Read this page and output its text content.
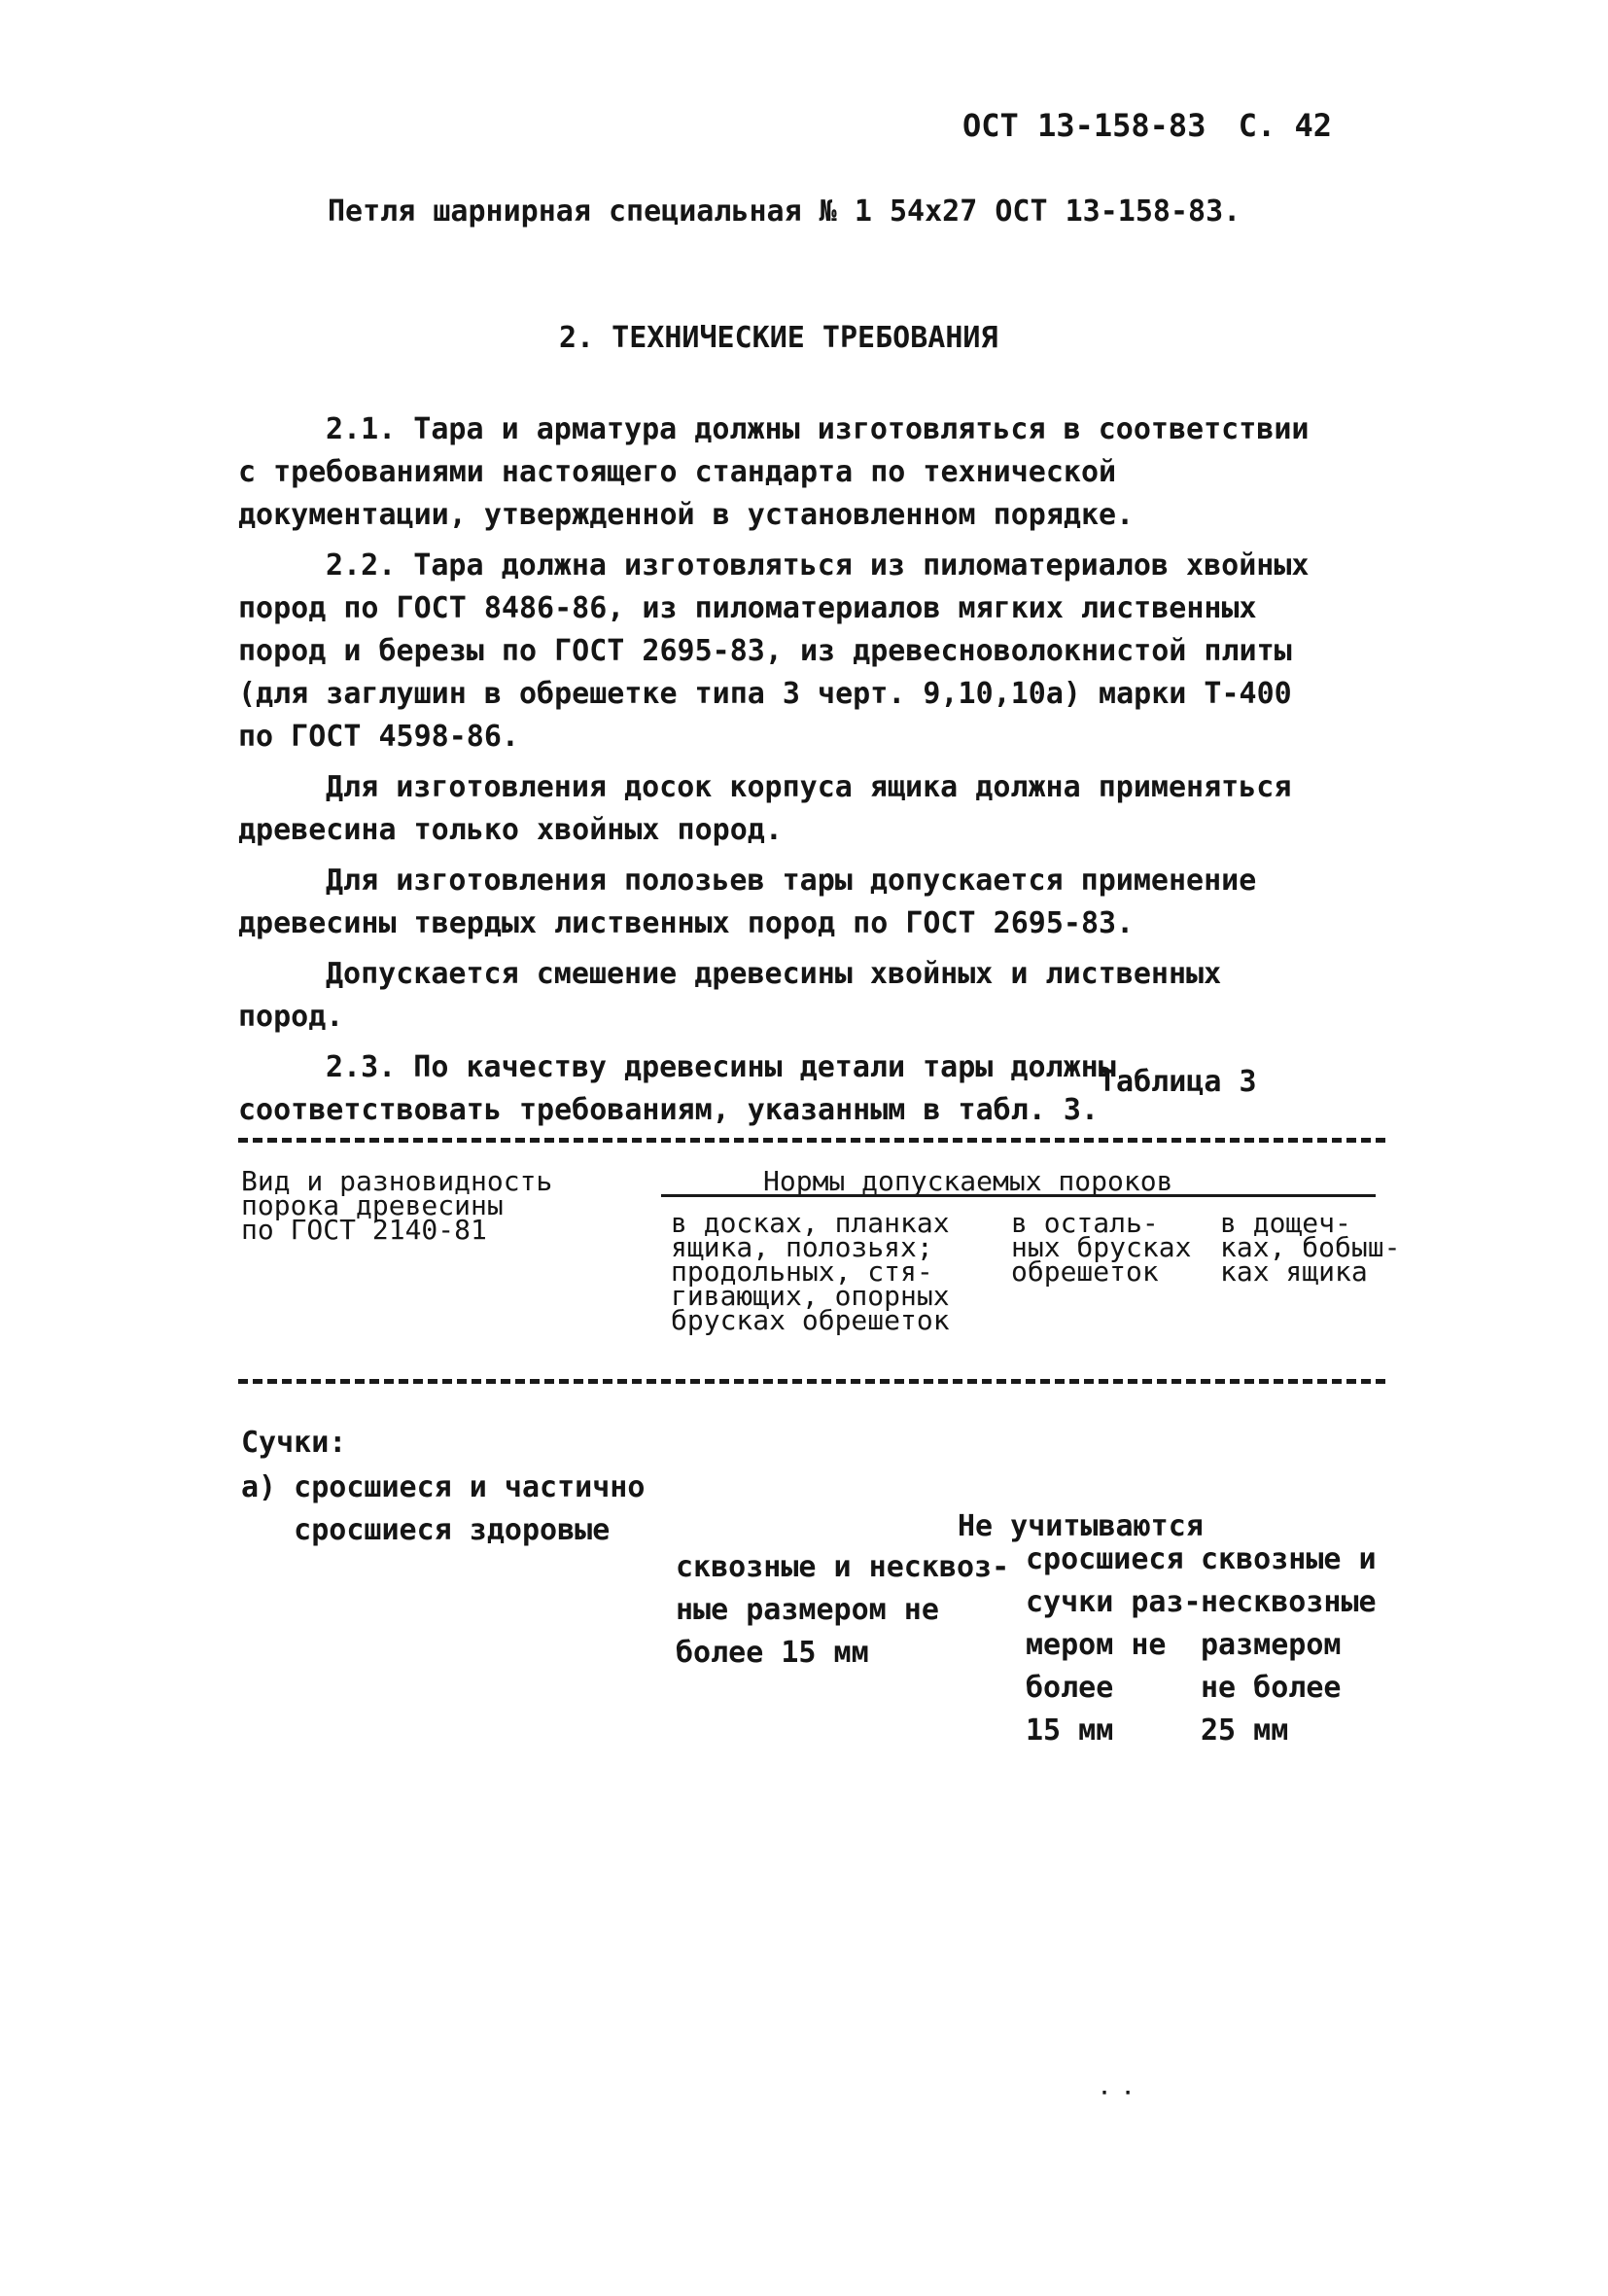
ОСТ 13-158-83 С. 42
Петля шарнирная специальная № 1 54х27 ОСТ 13-158-83.
2. ТЕХНИЧЕСКИЕ ТРЕБОВАНИЯ

2.1. Тара и арматура должны изготовляться в соответствии с требованиями настоящего стандарта по технической документации, утвержденной в установленном порядке.

2.2. Тара должна изготовляться из пиломатериалов хвойных пород по ГОСТ 8486-86, из пиломатериалов мягких лиственных пород и березы по ГОСТ 2695-83, из древесноволокнистой плиты (для заглушин в обрешетке типа 3 черт. 9,10,10а) марки Т-400 по ГОСТ 4598-86.

Для изготовления досок корпуса ящика должна применяться древесина только хвойных пород.

Для изготовления полозьев тары допускается применение древесины твердых лиственных пород по ГОСТ 2695-83.

Допускается смешение древесины хвойных и лиственных пород.

2.3. По качеству древесины детали тары должны соответствовать требованиям, указанным в табл. 3.

Таблица 3
Вид и разновидность
порока древесины
по ГОСТ 2140-81
Нормы допускаемых пороков
в досках, планках
ящика, полозьях;
продольных, стя-
гивающих, опорных
брусках обрешеток
в осталь-
ных брусках
обрешеток
в дощеч-
ках, бобыш-
ках ящика
Сучки:
а) сросшиеся и частично
сросшиеся здоровые	Не учитываются
сквозные и несквоз-
ные размером не
более 15 мм
сросшиеся
сучки раз-
мером не
более
15 мм
сквозные и
несквозные
размером
не более
25 мм
· ·
